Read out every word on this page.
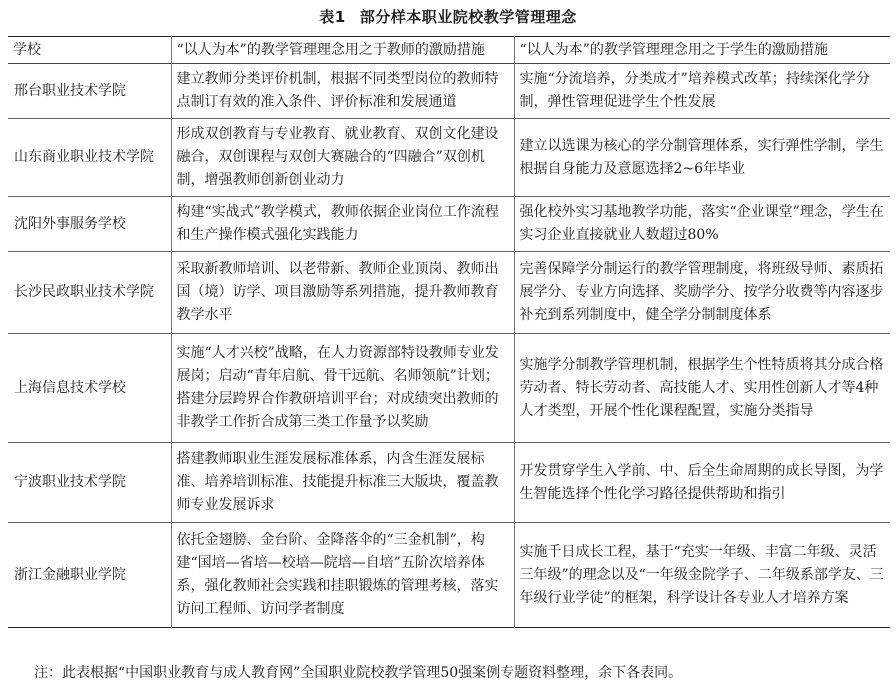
表1 部分样本职业院校教学管理理念
学校	“以人为本”的教学管理理念用之于教师的激励措施	“以人为本”的教学管理理念用之于学生的激励措施
邢台职业技术学院	建立教师分类评价机制，根据不同类型岗位的教师特点制订有效的准入条件、评价标准和发展通道	实施“分流培养，分类成才”培养模式改革；持续深化学分制，弹性管理促进学生个性发展
山东商业职业技术学院	形成双创教育与专业教育、就业教育、双创文化建设融合，双创课程与双创大赛融合的“四融合”双创机制，增强教师创新创业动力	建立以选课为核心的学分制管理体系，实行弹性学制，学生根据自身能力及意愿选择2~6年毕业
沈阳外事服务学校	构建“实战式”教学模式，教师依据企业岗位工作流程和生产操作模式强化实践能力	强化校外实习基地教学功能，落实“企业课堂”理念，学生在实习企业直接就业人数超过80%
长沙民政职业技术学院	采取新教师培训、以老带新、教师企业顶岗、教师出国（境）访学、项目激励等系列措施，提升教师教育教学水平	完善保障学分制运行的教学管理制度，将班级导师、素质拓展学分、专业方向选择、奖励学分、按学分收费等内容逐步补充到系列制度中，健全学分制制度体系
上海信息技术学校	实施“人才兴校”战略，在人力资源部特设教师专业发展岗；启动“青年启航、骨干远航、名师领航”计划；搭建分层跨界合作教研培训平台；对成绩突出教师的非教学工作折合成第三类工作量予以奖励	实施学分制教学管理机制，根据学生个性特质将其分成合格劳动者、特长劳动者、高技能人才、实用性创新人才等4种人才类型，开展个性化课程配置，实施分类指导
宁波职业技术学院	搭建教师职业生涯发展标准体系，内含生涯发展标准、培养培训标准、技能提升标准三大版块，覆盖教师专业发展诉求	开发贯穿学生入学前、中、后全生命周期的成长导图，为学生智能选择个性化学习路径提供帮助和指引
浙江金融职业学院	依托金翅膀、金台阶、金降落伞的“三金机制”，构建“国培—省培—校培—院培—自培”五阶次培养体系，强化教师社会实践和挂职锻炼的管理考核，落实访问工程师、访问学者制度	实施千日成长工程，基于“充实一年级、丰富二年级、灵活三年级”的理念以及“一年级金院学子、二年级系部学友、三年级行业学徒”的框架，科学设计各专业人才培养方案
注：此表根据“中国职业教育与成人教育网”全国职业院校教学管理50强案例专题资料整理，余下各表同。
